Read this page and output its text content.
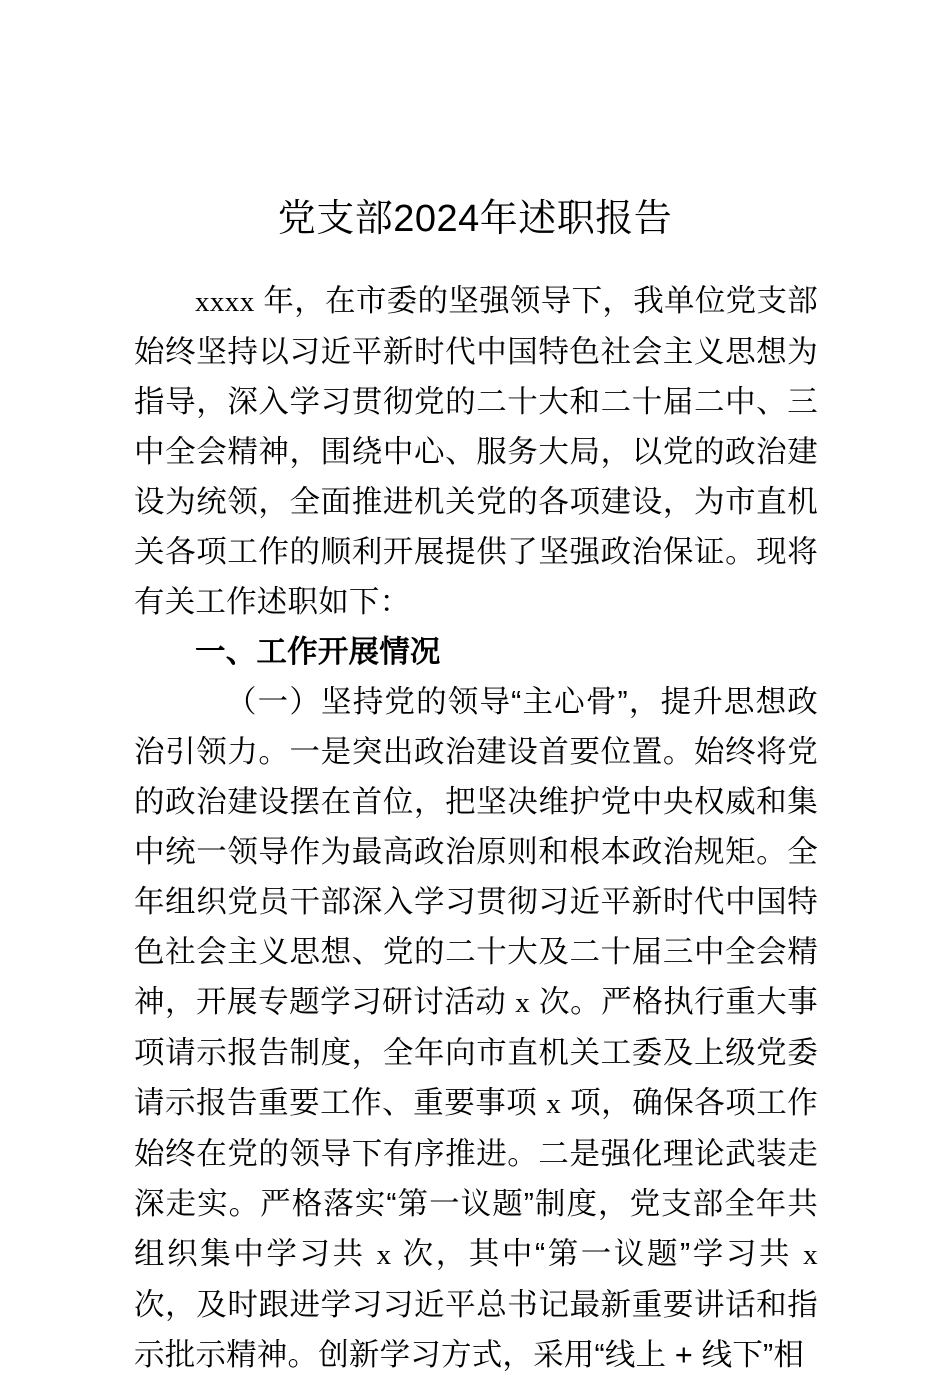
党支部2024年述职报告

xxxx 年，在市委的坚强领导下，我单位党支部始终坚持以习近平新时代中国特色社会主义思想为指导，深入学习贯彻党的二十大和二十届二中、三中全会精神，围绕中心、服务大局，以党的政治建设为统领，全面推进机关党的各项建设，为市直机关各项工作的顺利开展提供了坚强政治保证。现将有关工作述职如下：

一、工作开展情况

（一）坚持党的领导“主心骨”，提升思想政治引领力。一是突出政治建设首要位置。始终将党的政治建设摆在首位，把坚决维护党中央权威和集中统一领导作为最高政治原则和根本政治规矩。全年组织党员干部深入学习贯彻习近平新时代中国特色社会主义思想、党的二十大及二十届三中全会精神，开展专题学习研讨活动 x 次。严格执行重大事项请示报告制度，全年向市直机关工委及上级党委请示报告重要工作、重要事项 x 项，确保各项工作始终在党的领导下有序推进。二是强化理论武装走深走实。严格落实“第一议题”制度，党支部全年共组织集中学习共 x 次，其中“第一议题”学习共 x 次，及时跟进学习习近平总书记最新重要讲话和指示批示精神。创新学习方式，采用“线上 + 线下”相
